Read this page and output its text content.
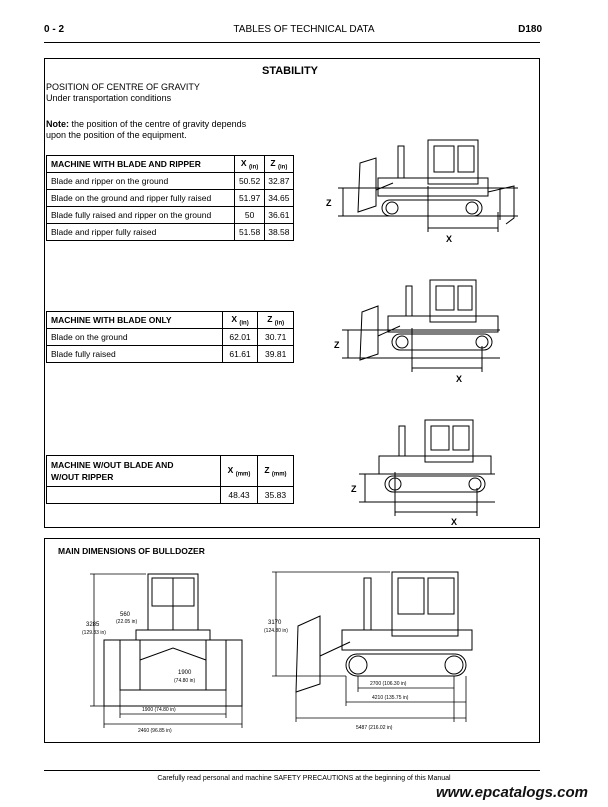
0 - 2	TABLES OF TECHNICAL DATA	D180
STABILITY
POSITION OF CENTRE OF GRAVITY
Under transportation conditions
Note: the position of the centre of gravity depends
upon the position of the equipment.
MACHINE WITH BLADE AND RIPPER	X $_{(in)}$	Z $_{(in)}$
Blade and ripper on the ground	50.52	32.87
Blade on the ground and ripper fully raised	51.97	34.65
Blade fully raised and ripper on the ground	50	36.61
Blade and ripper fully raised	51.58	38.58
Z
X
MACHINE WITH BLADE ONLY	X $_{(in)}$	Z $_{(in)}$
Blade on the ground	62.01	30.71
Blade fully raised	61.61	39.81
Z
X
MACHINE W/OUT BLADE AND
W/OUT RIPPER	X $_{(mm)}$	Z $_{(mm)}$
	48.43	35.83
Z
X
MAIN DIMENSIONS OF BULLDOZER
3285
(129.33 in)
560
(22.05 in)
1900
(74.80 in)
1900 (74.80 in)
2460 (96.85 in)
3170
(124.80 in)
2700 (106.30 in)
4210 (135.75 in)
5487 (216.02 in)
Carefully read personal and machine SAFETY PRECAUTIONS at the beginning of this Manual
www.epcatalogs.com
